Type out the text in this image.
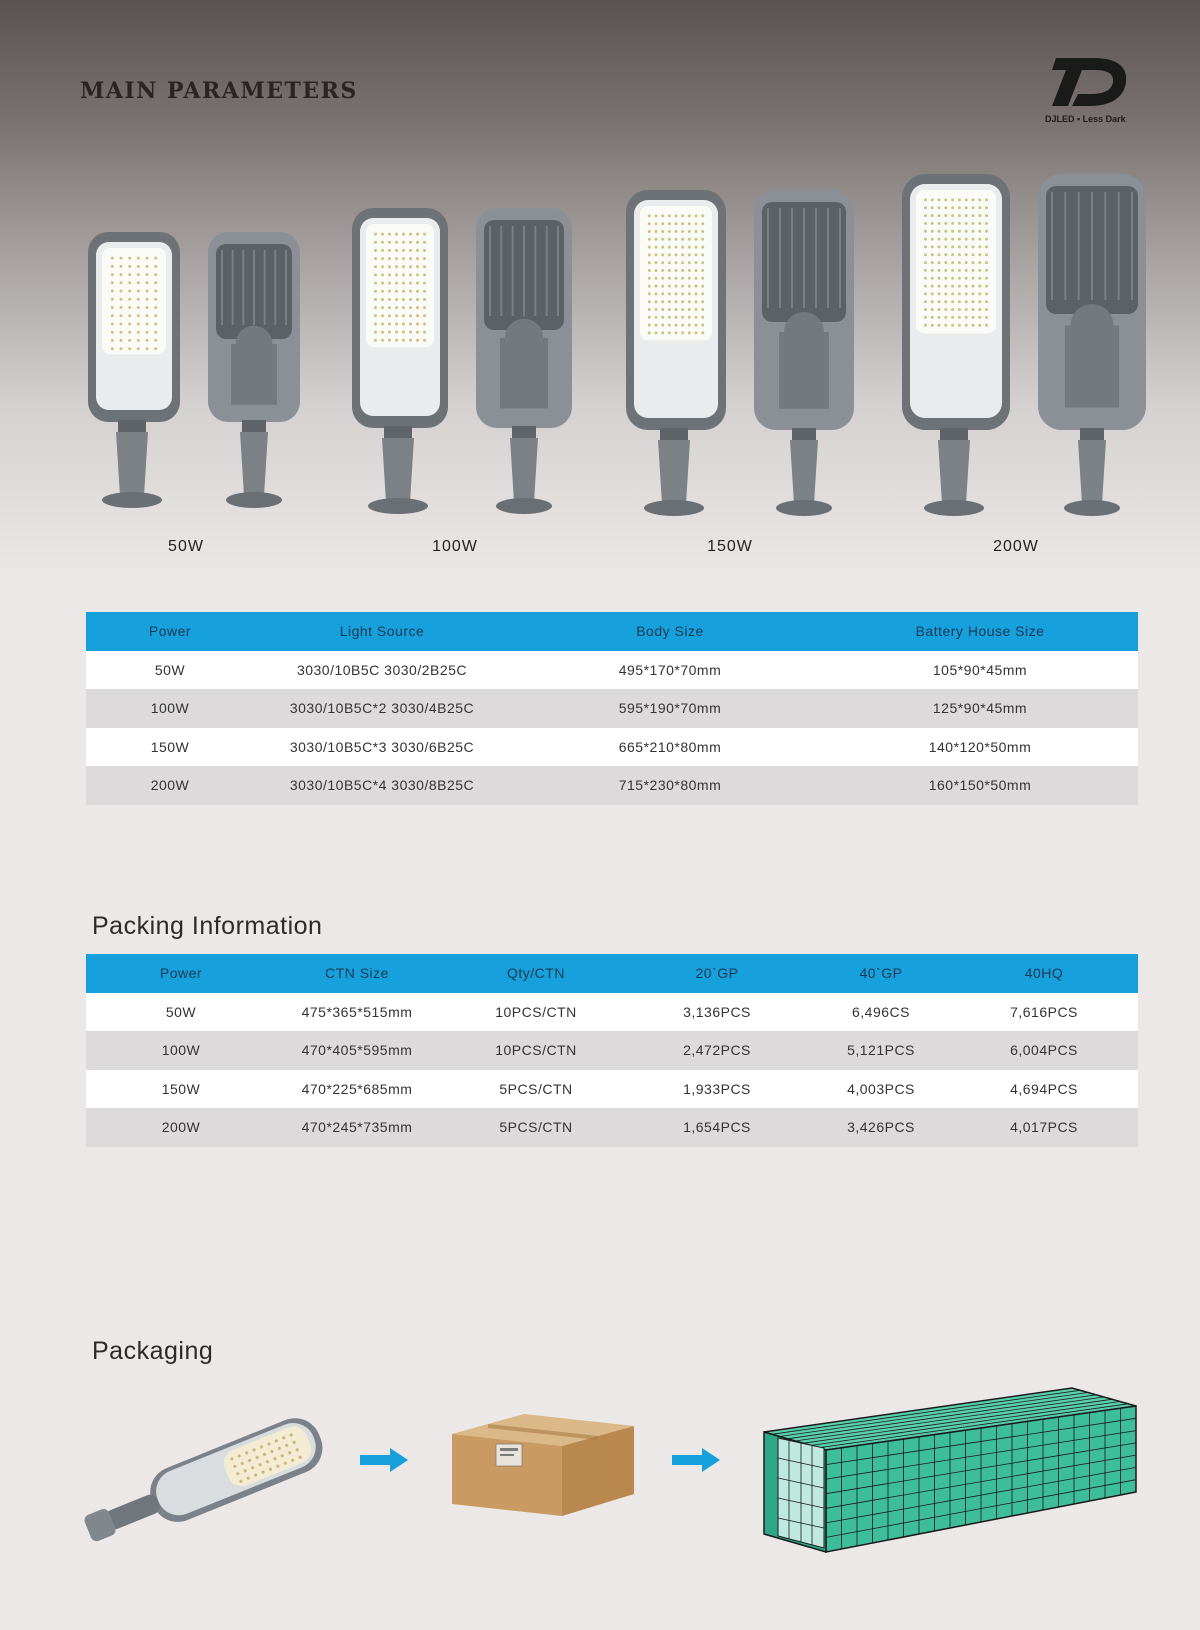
MAIN PARAMETERS
DJLED • Less Dark
50W	100W	150W	200W
Power	Light Source	Body Size	Battery House Size
50W	3030/10B5C 3030/2B25C	495*170*70mm	105*90*45mm
100W	3030/10B5C*2 3030/4B25C	595*190*70mm	125*90*45mm
150W	3030/10B5C*3 3030/6B25C	665*210*80mm	140*120*50mm
200W	3030/10B5C*4 3030/8B25C	715*230*80mm	160*150*50mm
Packing Information
Power	CTN Size	Qty/CTN	20`GP	40`GP	40HQ
50W	475*365*515mm	10PCS/CTN	3,136PCS	6,496CS	7,616PCS
100W	470*405*595mm	10PCS/CTN	2,472PCS	5,121PCS	6,004PCS
150W	470*225*685mm	5PCS/CTN	1,933PCS	4,003PCS	4,694PCS
200W	470*245*735mm	5PCS/CTN	1,654PCS	3,426PCS	4,017PCS
Packaging
